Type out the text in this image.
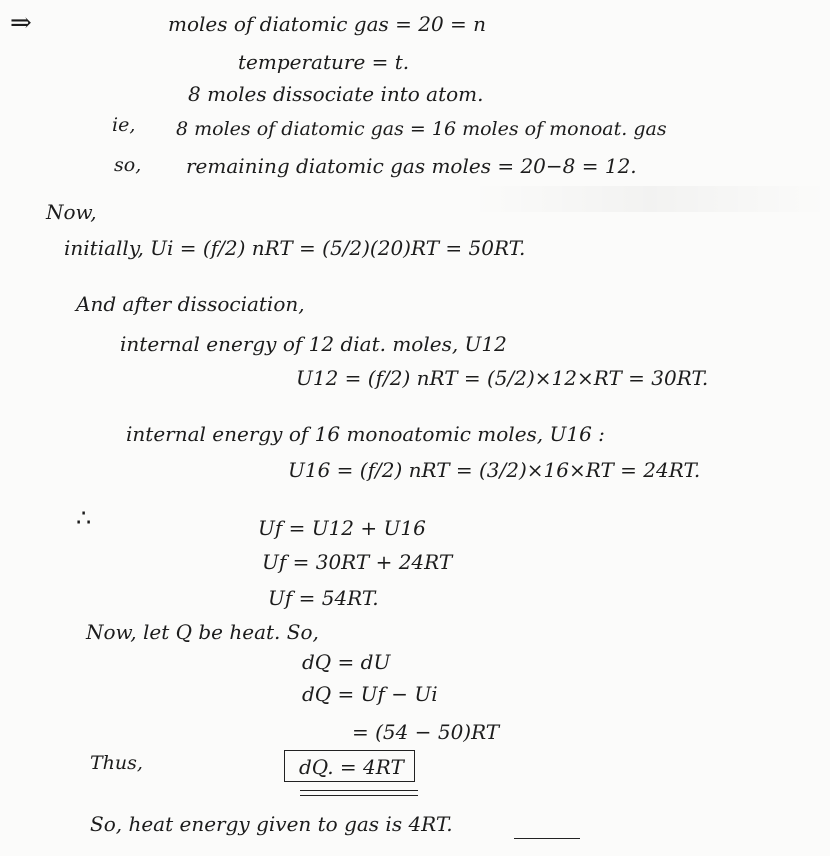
⇒	moles of diatomic gas = 20 = n
temperature = t.
8 moles dissociate into atom.
ie, 8 moles of diatomic gas = 16 moles of monoat. gas
so, remaining diatomic gas moles = 20−8 = 12.
Now,
initially, Ui = (f/2) nRT = (5/2)(20)RT = 50RT.
And after dissociation,
internal energy of 12 diat. moles, U12
U12 = (f/2) nRT = (5/2)×12×RT = 30RT.
internal energy of 16 monoatomic moles, U16 :
U16 = (f/2) nRT = (3/2)×16×RT = 24RT.
∴	Uf = U12 + U16
Uf = 30RT + 24RT
Uf = 54RT.
Now, let Q be heat. So,
dQ = dU
dQ = Uf − Ui
= (54 − 50)RT
Thus,	dQ. = 4RT
So, heat energy given to gas is 4RT.
